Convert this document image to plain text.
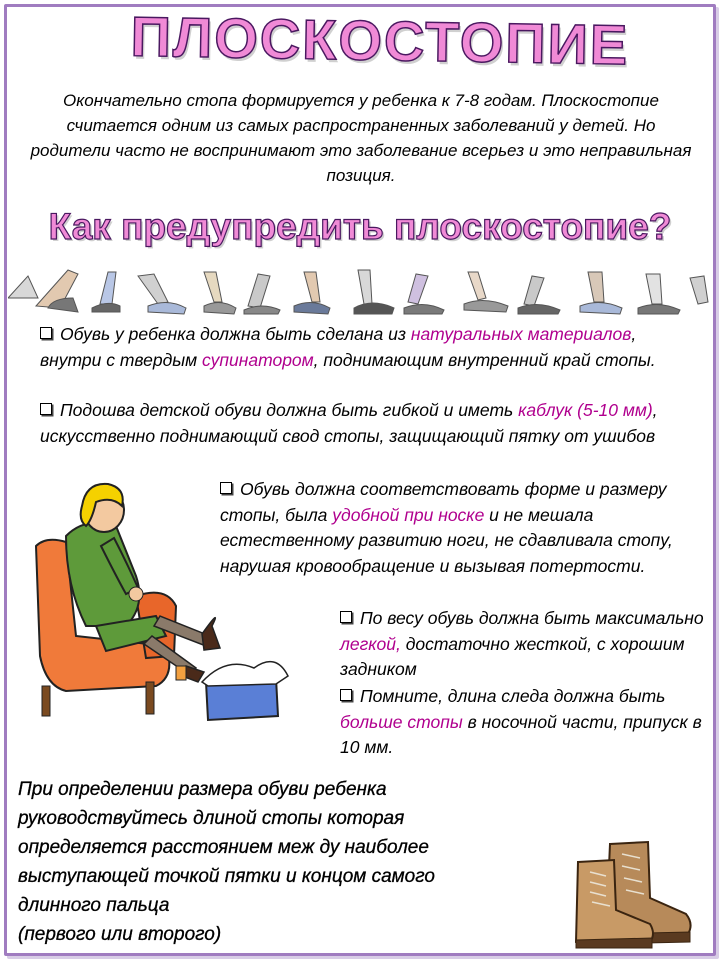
ПЛОСКОСТОПИЕ
Окончательно стопа формируется у ребенка к 7-8 годам. Плоскостопие считается одним из самых распространенных заболеваний у детей. Но родители часто не воспринимают это заболевание всерьез и это неправильная позиция.
Как предупредить плоскостопие?
Обувь у ребенка должна быть сделана из натуральных материалов, внутри с твердым супинатором, поднимающим внутренний край стопы.
Подошва детской обуви должна быть гибкой и иметь каблук (5-10 мм), искусственно поднимающий свод стопы, защищающий пятку от ушибов
Обувь должна соответствовать форме и размеру стопы, была удобной при носке и не мешала естественному развитию ноги, не сдавливала стопу, нарушая кровообращение и вызывая потертости.
По весу обувь должна быть максимально легкой, достаточно жесткой, с хорошим задником
Помните, длина следа должна быть больше стопы в носочной части, припуск в 10 мм.
При определении размера обуви ребенка
руководствуйтесь длиной стопы которая
определяется расстоянием меж ду наиболее
выступающей точкой пятки и концом самого
длинного пальца
(первого или второго)
